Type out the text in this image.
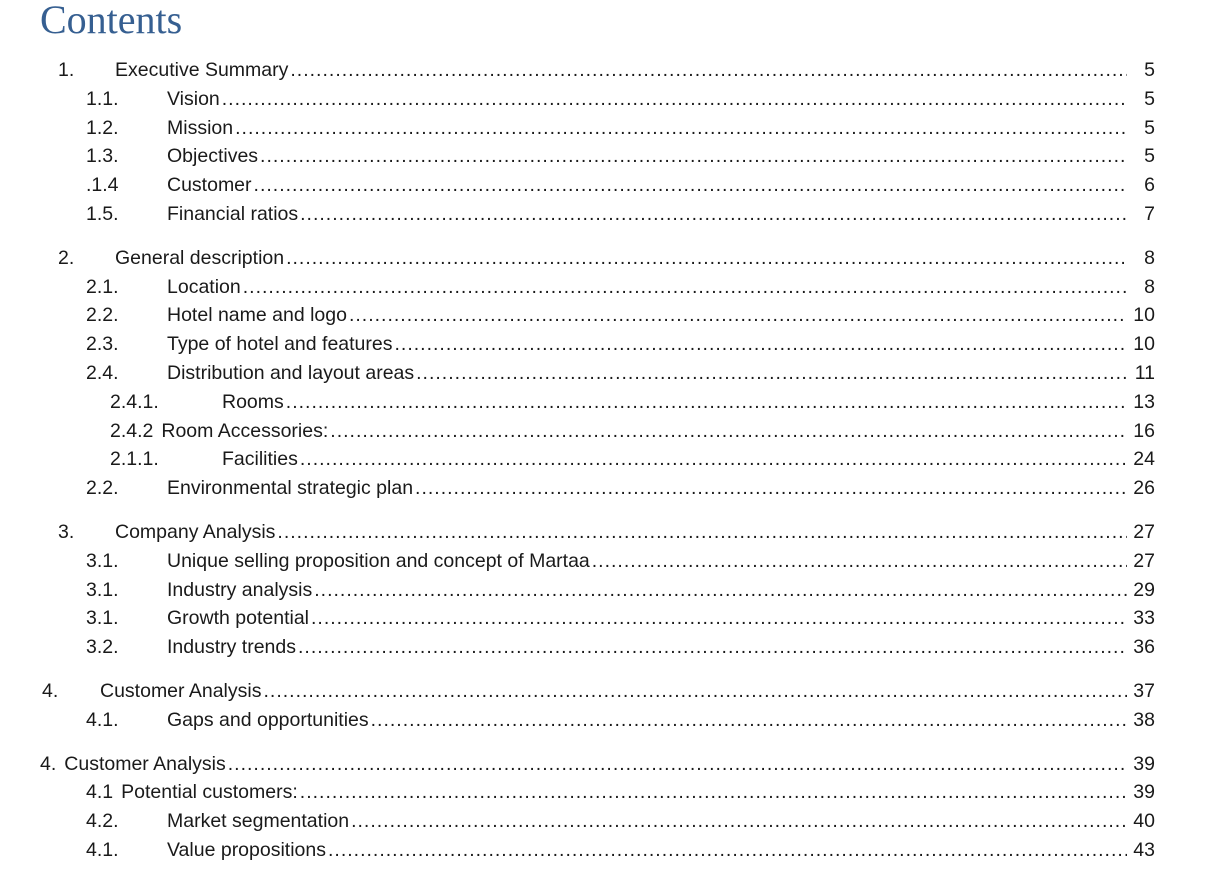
Contents
1.	Executive Summary .....	5
1.1.	Vision .....	5
1.2.	Mission .....	5
1.3.	Objectives .....	5
.1.4	Customer .....	6
1.5.	Financial ratios .....	7
2.	General description .....	8
2.1.	Location .....	8
2.2.	Hotel name and logo .....	10
2.3.	Type of hotel and features .....	10
2.4.	Distribution and layout areas .....	11
2.4.1.	Rooms .....	13
2.4.2 Room Accessories: .....	16
2.1.1.	Facilities .....	24
2.2.	Environmental strategic plan .....	26
3.	Company Analysis .....	27
3.1.	Unique selling proposition and concept of Martaa .....	27
3.1.	Industry analysis .....	29
3.1.	Growth potential .....	33
3.2.	Industry trends .....	36
4.	Customer Analysis .....	37
4.1.	Gaps and opportunities .....	38
4. Customer Analysis .....	39
4.1 Potential customers: .....	39
4.2.	Market segmentation .....	40
4.1.	Value propositions .....	43
